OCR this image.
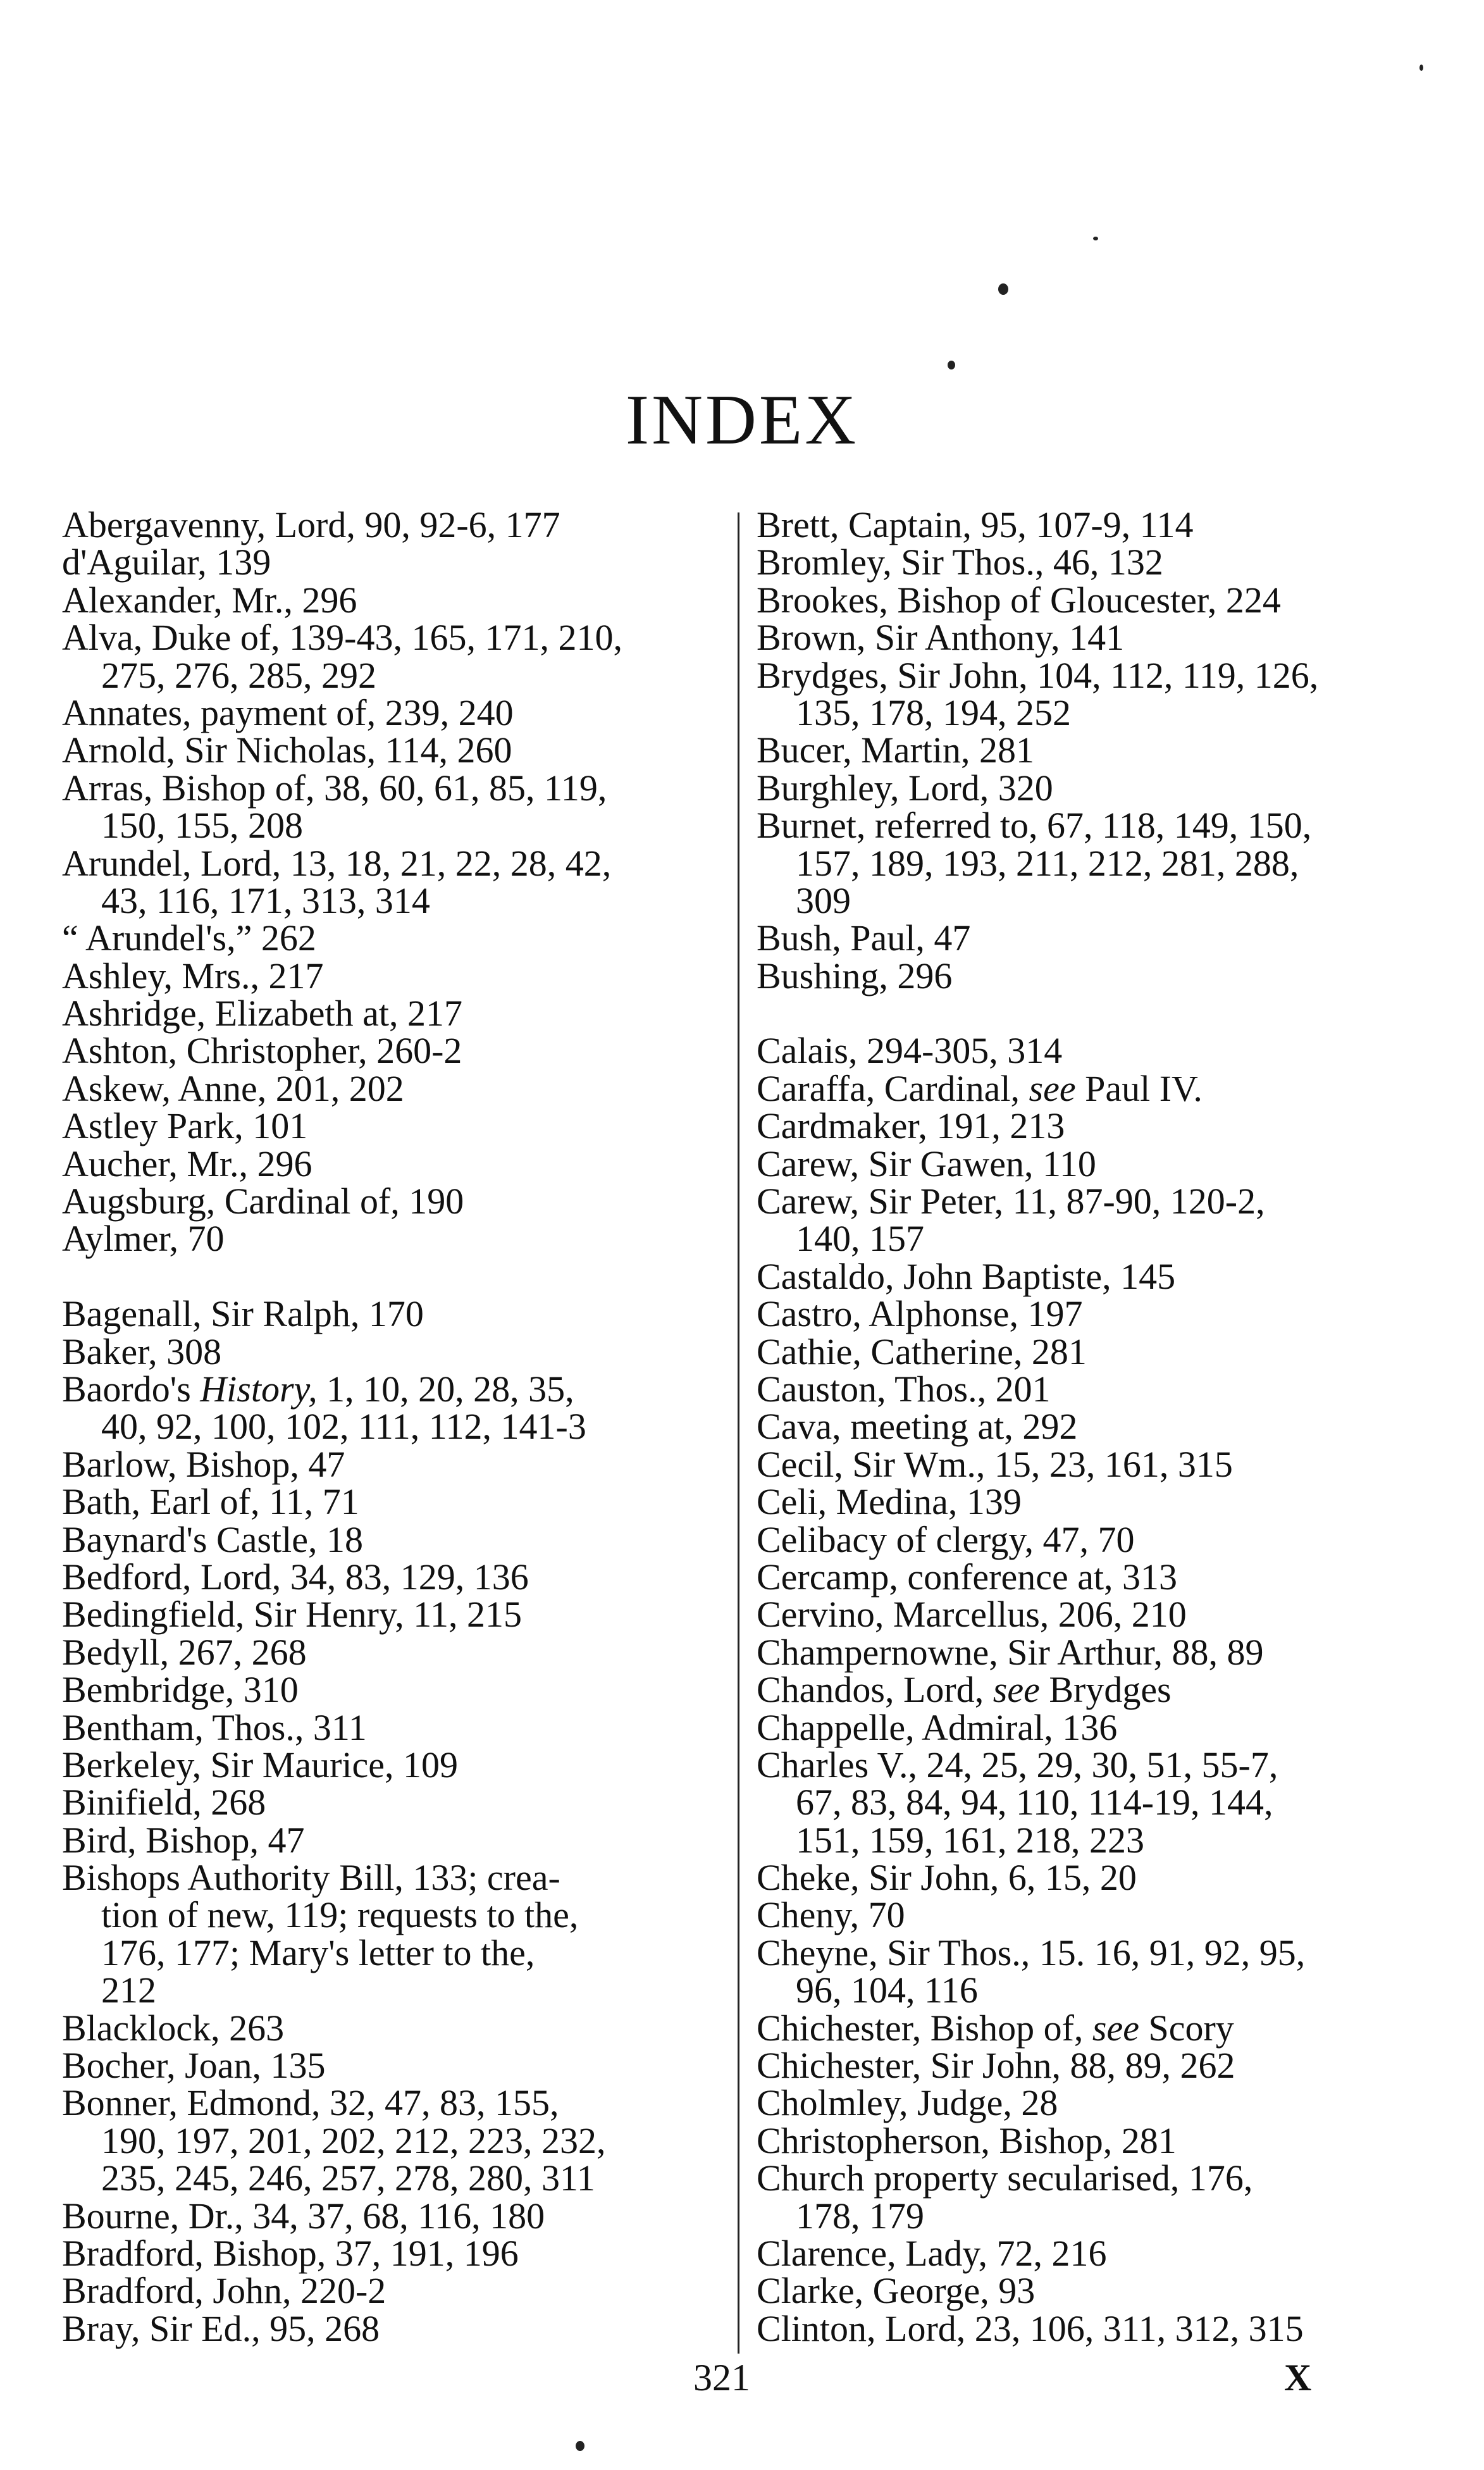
INDEX
Abergavenny, Lord, 90, 92-6, 177
d'Aguilar, 139
Alexander, Mr., 296
Alva, Duke of, 139-43, 165, 171, 210,
275, 276, 285, 292
Annates, payment of, 239, 240
Arnold, Sir Nicholas, 114, 260
Arras, Bishop of, 38, 60, 61, 85, 119,
150, 155, 208
Arundel, Lord, 13, 18, 21, 22, 28, 42,
43, 116, 171, 313, 314
“ Arundel's,” 262
Ashley, Mrs., 217
Ashridge, Elizabeth at, 217
Ashton, Christopher, 260-2
Askew, Anne, 201, 202
Astley Park, 101
Aucher, Mr., 296
Augsburg, Cardinal of, 190
Aylmer, 70
Bagenall, Sir Ralph, 170
Baker, 308
Baordo's History, 1, 10, 20, 28, 35,
40, 92, 100, 102, 111, 112, 141-3
Barlow, Bishop, 47
Bath, Earl of, 11, 71
Baynard's Castle, 18
Bedford, Lord, 34, 83, 129, 136
Bedingfield, Sir Henry, 11, 215
Bedyll, 267, 268
Bembridge, 310
Bentham, Thos., 311
Berkeley, Sir Maurice, 109
Binifield, 268
Bird, Bishop, 47
Bishops Authority Bill, 133; crea-
tion of new, 119; requests to the,
176, 177; Mary's letter to the,
212
Blacklock, 263
Bocher, Joan, 135
Bonner, Edmond, 32, 47, 83, 155,
190, 197, 201, 202, 212, 223, 232,
235, 245, 246, 257, 278, 280, 311
Bourne, Dr., 34, 37, 68, 116, 180
Bradford, Bishop, 37, 191, 196
Bradford, John, 220-2
Bray, Sir Ed., 95, 268
Brett, Captain, 95, 107-9, 114
Bromley, Sir Thos., 46, 132
Brookes, Bishop of Gloucester, 224
Brown, Sir Anthony, 141
Brydges, Sir John, 104, 112, 119, 126,
135, 178, 194, 252
Bucer, Martin, 281
Burghley, Lord, 320
Burnet, referred to, 67, 118, 149, 150,
157, 189, 193, 211, 212, 281, 288,
309
Bush, Paul, 47
Bushing, 296
Calais, 294-305, 314
Caraffa, Cardinal, see Paul IV.
Cardmaker, 191, 213
Carew, Sir Gawen, 110
Carew, Sir Peter, 11, 87-90, 120-2,
140, 157
Castaldo, John Baptiste, 145
Castro, Alphonse, 197
Cathie, Catherine, 281
Causton, Thos., 201
Cava, meeting at, 292
Cecil, Sir Wm., 15, 23, 161, 315
Celi, Medina, 139
Celibacy of clergy, 47, 70
Cercamp, conference at, 313
Cervino, Marcellus, 206, 210
Champernowne, Sir Arthur, 88, 89
Chandos, Lord, see Brydges
Chappelle, Admiral, 136
Charles V., 24, 25, 29, 30, 51, 55-7,
67, 83, 84, 94, 110, 114-19, 144,
151, 159, 161, 218, 223
Cheke, Sir John, 6, 15, 20
Cheny, 70
Cheyne, Sir Thos., 15. 16, 91, 92, 95,
96, 104, 116
Chichester, Bishop of, see Scory
Chichester, Sir John, 88, 89, 262
Cholmley, Judge, 28
Christopherson, Bishop, 281
Church property secularised, 176,
178, 179
Clarence, Lady, 72, 216
Clarke, George, 93
Clinton, Lord, 23, 106, 311, 312, 315
321	X
